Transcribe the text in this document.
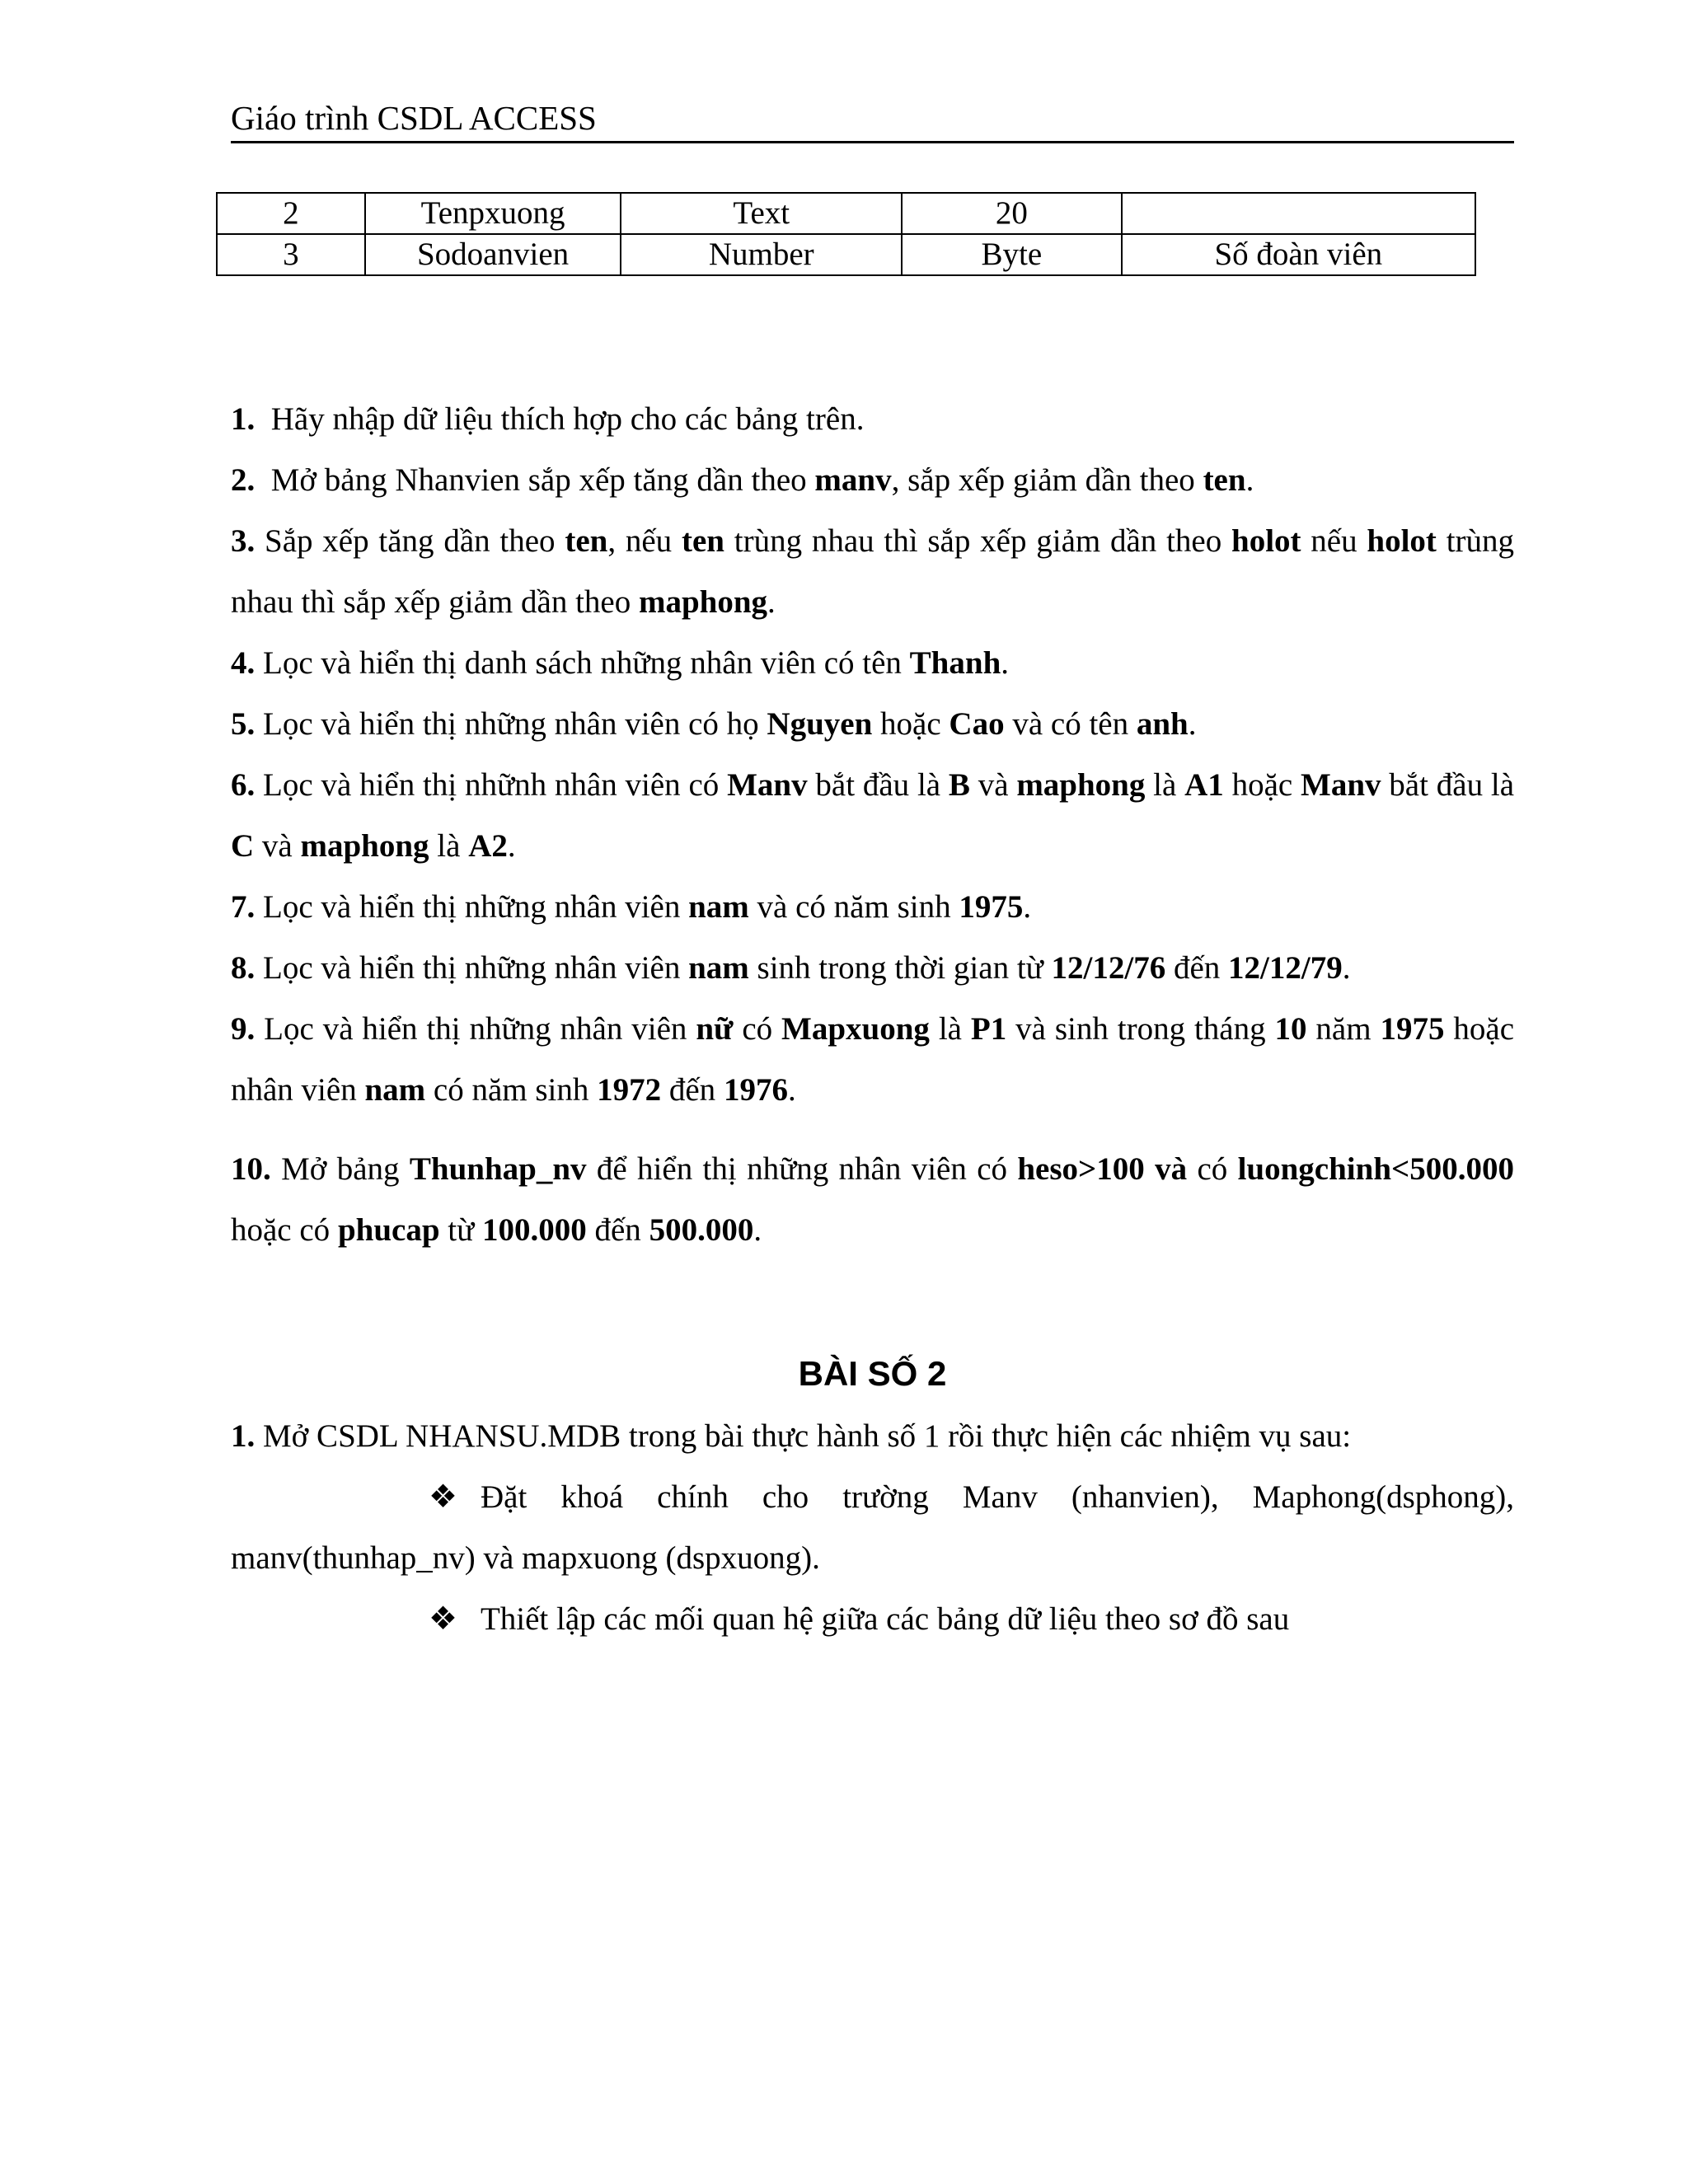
Giáo trình CSDL ACCESS
2	Tenpxuong	Text	20	
3	Sodoanvien	Number	Byte	Số đoàn viên

1. Hãy nhập dữ liệu thích hợp cho các bảng trên.

2. Mở bảng Nhanvien sắp xếp tăng dần theo manv, sắp xếp giảm dần theo ten.

3. Sắp xếp tăng dần theo ten, nếu ten trùng nhau thì sắp xếp giảm dần theo holot nếu holot trùng nhau thì sắp xếp giảm dần theo maphong.

4. Lọc và hiển thị danh sách những nhân viên có tên Thanh.

5. Lọc và hiển thị những nhân viên có họ Nguyen hoặc Cao và có tên anh.

6. Lọc và hiển thị nhữnh nhân viên có Manv bắt đầu là B và maphong là A1 hoặc Manv bắt đầu là C và maphong là A2.

7. Lọc và hiển thị những nhân viên nam và có năm sinh 1975.

8. Lọc và hiển thị những nhân viên nam sinh trong thời gian từ 12/12/76 đến 12/12/79.

9. Lọc và hiển thị những nhân viên nữ có Mapxuong là P1 và sinh trong tháng 10 năm 1975 hoặc nhân viên nam có năm sinh 1972 đến 1976.

10. Mở bảng Thunhap_nv để hiển thị những nhân viên có heso>100 và có luongchinh<500.000 hoặc có phucap từ 100.000 đến 500.000.

BÀI SỐ 2

1. Mở CSDL NHANSU.MDB trong bài thực hành số 1 rồi thực hiện các nhiệm vụ sau:

❖ Đặt khoá chính cho trường Manv (nhanvien), Maphong(dsphong), manv(thunhap_nv) và mapxuong (dspxuong).

❖ Thiết lập các mối quan hệ giữa các bảng dữ liệu theo sơ đồ sau
